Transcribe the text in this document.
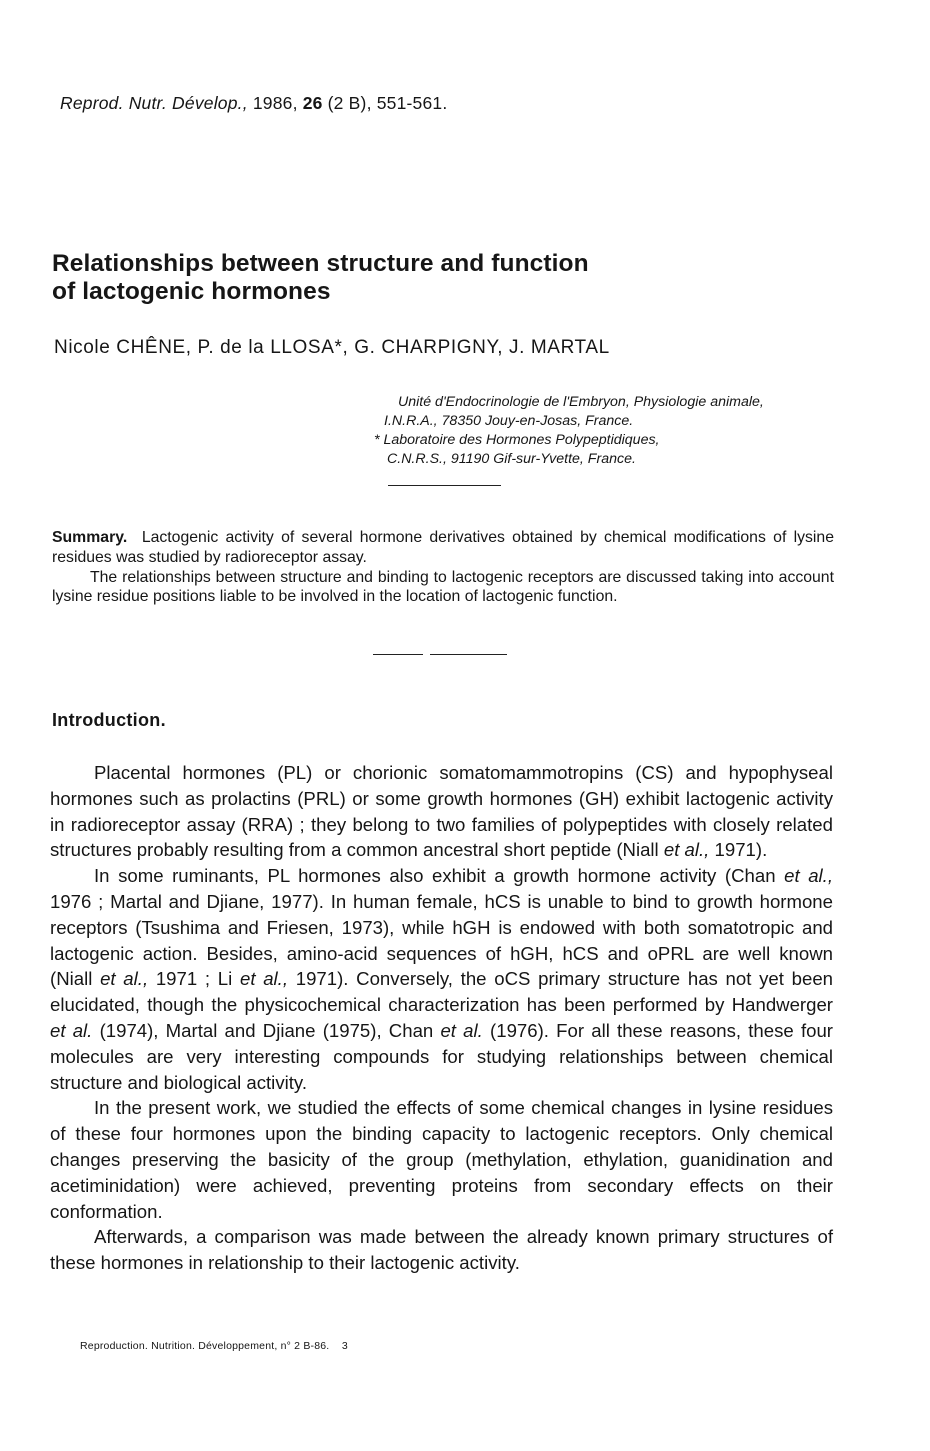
Reprod. Nutr. Dévelop., 1986, 26 (2 B), 551-561.
Relationships between structure and function
of lactogenic hormones
Nicole CHÊNE, P. de la LLOSA*, G. CHARPIGNY, J. MARTAL
Unité d'Endocrinologie de l'Embryon, Physiologie animale,
I.N.R.A., 78350 Jouy-en-Josas, France.
* Laboratoire des Hormones Polypeptidiques,
C.N.R.S., 91190 Gif-sur-Yvette, France.

Summary. Lactogenic activity of several hormone derivatives obtained by chemical modifications of lysine residues was studied by radioreceptor assay.

The relationships between structure and binding to lactogenic receptors are discussed taking into account lysine residue positions liable to be involved in the location of lactogenic function.

Introduction.

Placental hormones (PL) or chorionic somatomammotropins (CS) and hypophyseal hormones such as prolactins (PRL) or some growth hormones (GH) exhibit lactogenic activity in radioreceptor assay (RRA) ; they belong to two families of polypeptides with closely related structures probably resulting from a common ancestral short peptide (Niall et al., 1971).

In some ruminants, PL hormones also exhibit a growth hormone activity (Chan et al., 1976 ; Martal and Djiane, 1977). In human female, hCS is unable to bind to growth hormone receptors (Tsushima and Friesen, 1973), while hGH is endowed with both somatotropic and lactogenic action. Besides, amino-acid sequences of hGH, hCS and oPRL are well known (Niall et al., 1971 ; Li et al., 1971). Conversely, the oCS primary structure has not yet been elucidated, though the physicochemical characterization has been performed by Handwerger et al. (1974), Martal and Djiane (1975), Chan et al. (1976). For all these reasons, these four molecules are very interesting compounds for studying relationships between chemical structure and biological activity.

In the present work, we studied the effects of some chemical changes in lysine residues of these four hormones upon the binding capacity to lactogenic receptors. Only chemical changes preserving the basicity of the group (methylation, ethylation, guanidination and acetiminidation) were achieved, preventing proteins from secondary effects on their conformation.

Afterwards, a comparison was made between the already known primary structures of these hormones in relationship to their lactogenic activity.

Reproduction. Nutrition. Développement, n° 2 B-86. 3
